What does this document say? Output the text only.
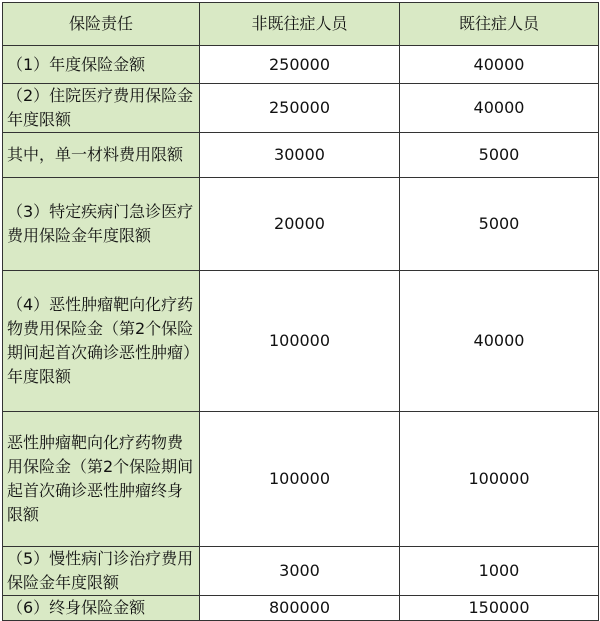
保险责任	非既往症人员	既往症人员
（1）年度保险金额	250000	40000
（2）住院医疗费用保险金年度限额	250000	40000
其中，单一材料费用限额	30000	5000
（3）特定疾病门急诊医疗费用保险金年度限额	20000	5000
（4）恶性肿瘤靶向化疗药物费用保险金（第2个保险期间起首次确诊恶性肿瘤）年度限额	100000	40000
恶性肿瘤靶向化疗药物费用保险金（第2个保险期间起首次确诊恶性肿瘤终身限额	100000	100000
（5）慢性病门诊治疗费用保险金年度限额	3000	1000
（6）终身保险金额	800000	150000
